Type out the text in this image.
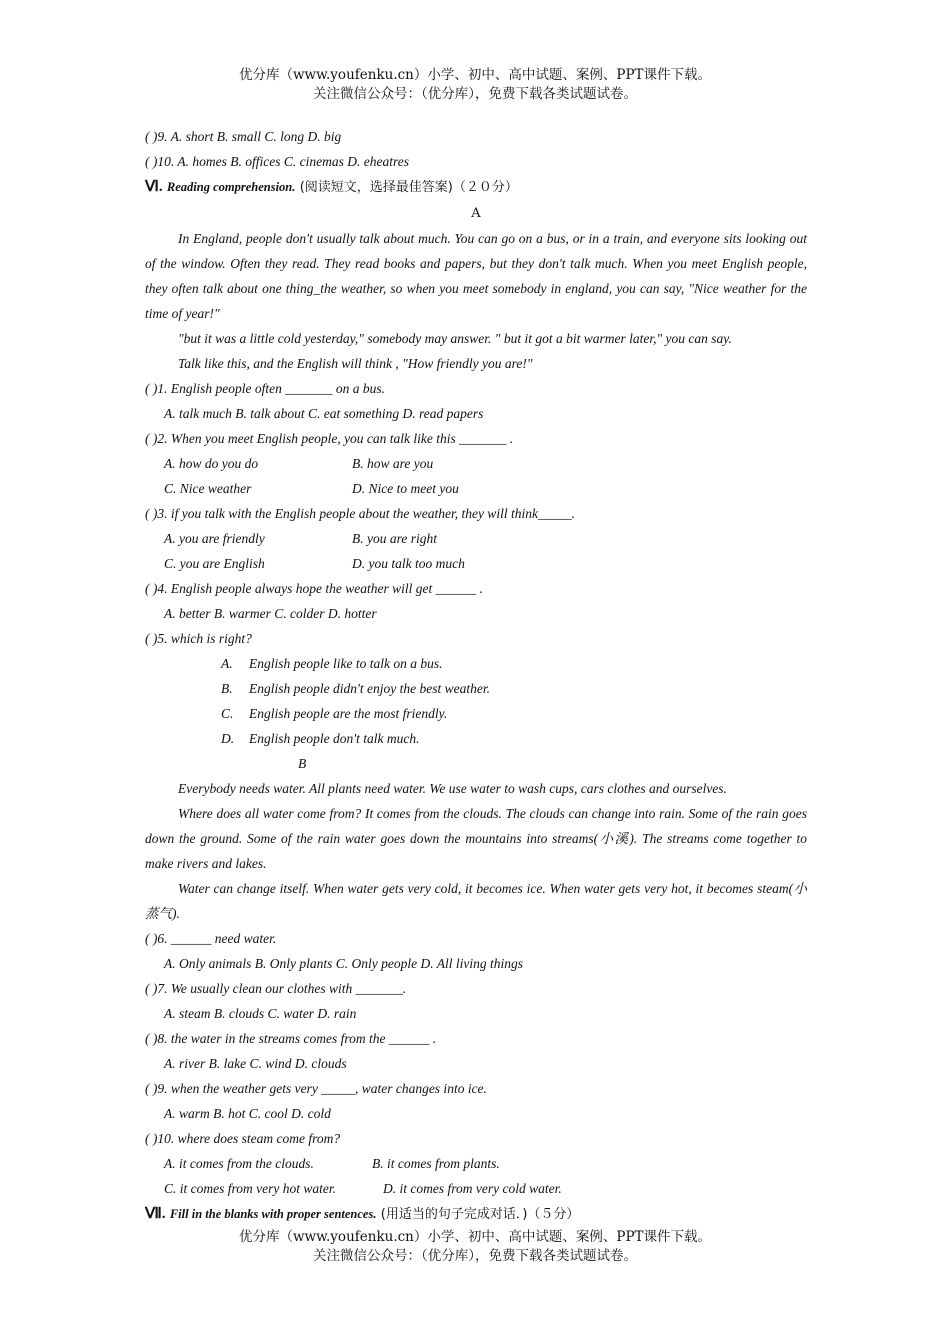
优分库（www.youfenku.cn）小学、初中、高中试题、案例、PPT课件下载。
关注微信公众号：（优分库），免费下载各类试题试卷。
( )9. A. short B. small C. long D. big
( )10. A. homes B. offices C. cinemas D. eheatres
Ⅵ. Reading comprehension. (阅读短文，选择最佳答案)（２０分）
A
In England, people don't usually talk about much. You can go on a bus, or in a train, and everyone sits looking out of the window. Often they read. They read books and papers, but they don't talk much. When you meet English people, they often talk about one thing_the weather, so when you meet somebody in england, you can say, "Nice weather for the time of year!"
"but it was a little cold yesterday," somebody may answer. " but it got a bit warmer later," you can say.
Talk like this, and the English will think , "How friendly you are!"
( )1. English people often _______ on a bus.
A. talk much B. talk about C. eat something D. read papers
( )2. When you meet English people, you can talk like this _______ .
A. how do you do	B. how are you
C. Nice weather	D. Nice to meet you
( )3. if you talk with the English people about the weather, they will think_____.
A. you are friendly	B. you are right
C. you are English	D. you talk too much
( )4. English people always hope the weather will get ______ .
A. better B. warmer C. colder D. hotter
( )5. which is right?
A. English people like to talk on a bus.
B. English people didn't enjoy the best weather.
C. English people are the most friendly.
D. English people don't talk much.
B
Everybody needs water. All plants need water. We use water to wash cups, cars clothes and ourselves.
Where does all water come from? It comes from the clouds. The clouds can change into rain. Some of the rain goes down the ground. Some of the rain water goes down the mountains into streams(小溪). The streams come together to make rivers and lakes.
Water can change itself. When water gets very cold, it becomes ice. When water gets very hot, it becomes steam(小蒸气).
( )6. ______ need water.
A. Only animals B. Only plants C. Only people D. All living things
( )7. We usually clean our clothes with _______.
A. steam B. clouds C. water D. rain
( )8. the water in the streams comes from the ______ .
A. river B. lake C. wind D. clouds
( )9. when the weather gets very _____, water changes into ice.
A. warm B. hot C. cool D. cold
( )10. where does steam come from?
A. it comes from the clouds.	B. it comes from plants.
C. it comes from very hot water.	D. it comes from very cold water.
Ⅶ. Fill in the blanks with proper sentences. (用适当的句子完成对话．)（５分）
优分库（www.youfenku.cn）小学、初中、高中试题、案例、PPT课件下载。
关注微信公众号：（优分库），免费下载各类试题试卷。
